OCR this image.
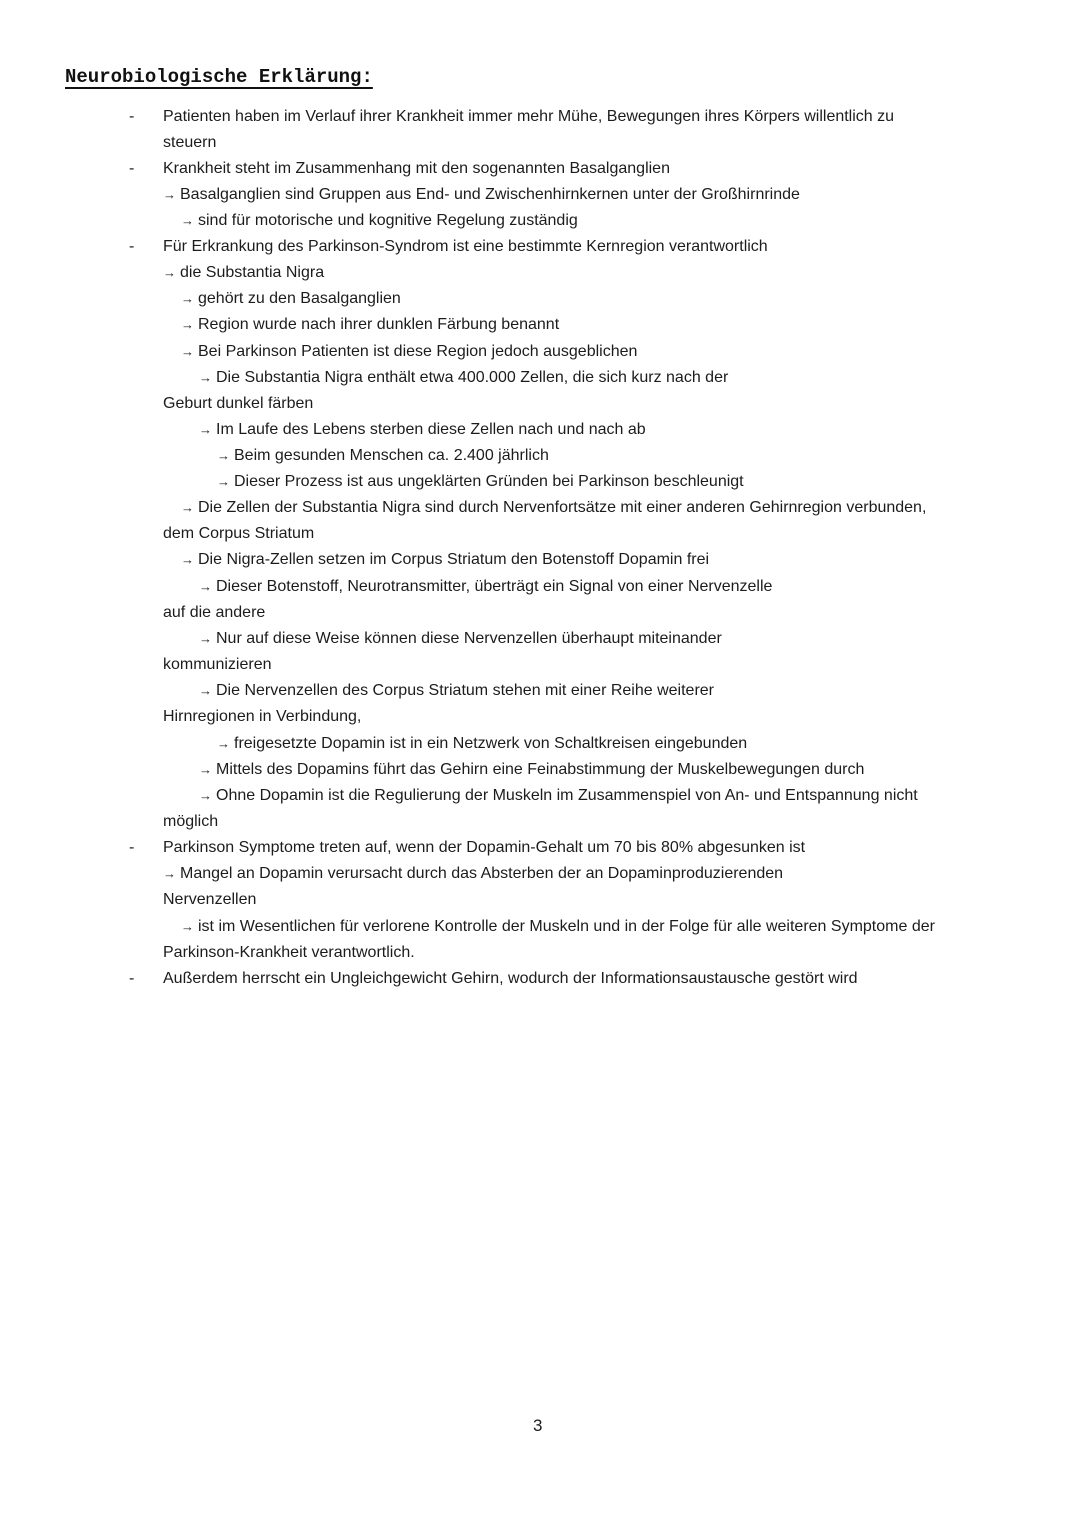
Neurobiologische Erklärung:
-
-
-
-
-

Patienten haben im Verlauf ihrer Krankheit immer mehr Mühe, Bewegungen ihres Körpers willentlich zu

steuern

Krankheit steht im Zusammenhang mit den sogenannten Basalganglien

→ Basalganglien sind Gruppen aus End- und Zwischenhirnkernen unter der Großhirnrinde

→ sind für motorische und kognitive Regelung zuständig

Für Erkrankung des Parkinson-Syndrom ist eine bestimmte Kernregion verantwortlich

→ die Substantia Nigra

→ gehört zu den Basalganglien

→ Region wurde nach ihrer dunklen Färbung benannt

→ Bei Parkinson Patienten ist diese Region jedoch ausgeblichen

→ Die Substantia Nigra enthält etwa 400.000 Zellen, die sich kurz nach der

Geburt dunkel färben

→ Im Laufe des Lebens sterben diese Zellen nach und nach ab

→ Beim gesunden Menschen ca. 2.400 jährlich

→ Dieser Prozess ist aus ungeklärten Gründen bei Parkinson beschleunigt

→ Die Zellen der Substantia Nigra sind durch Nervenfortsätze mit einer anderen Gehirnregion verbunden,

dem Corpus Striatum

→ Die Nigra-Zellen setzen im Corpus Striatum den Botenstoff Dopamin frei

→ Dieser Botenstoff, Neurotransmitter, überträgt ein Signal von einer Nervenzelle

auf die andere

→ Nur auf diese Weise können diese Nervenzellen überhaupt miteinander

kommunizieren

→ Die Nervenzellen des Corpus Striatum stehen mit einer Reihe weiterer

Hirnregionen in Verbindung,

→ freigesetzte Dopamin ist in ein Netzwerk von Schaltkreisen eingebunden

→ Mittels des Dopamins führt das Gehirn eine Feinabstimmung der Muskelbewegungen durch

→ Ohne Dopamin ist die Regulierung der Muskeln im Zusammenspiel von An- und Entspannung nicht

möglich

Parkinson Symptome treten auf, wenn der Dopamin-Gehalt um 70 bis 80% abgesunken ist

→ Mangel an Dopamin verursacht durch das Absterben der an Dopaminproduzierenden

Nervenzellen

→ ist im Wesentlichen für verlorene Kontrolle der Muskeln und in der Folge für alle weiteren Symptome der

Parkinson-Krankheit verantwortlich.

Außerdem herrscht ein Ungleichgewicht Gehirn, wodurch der Informationsaustausche gestört wird

3
